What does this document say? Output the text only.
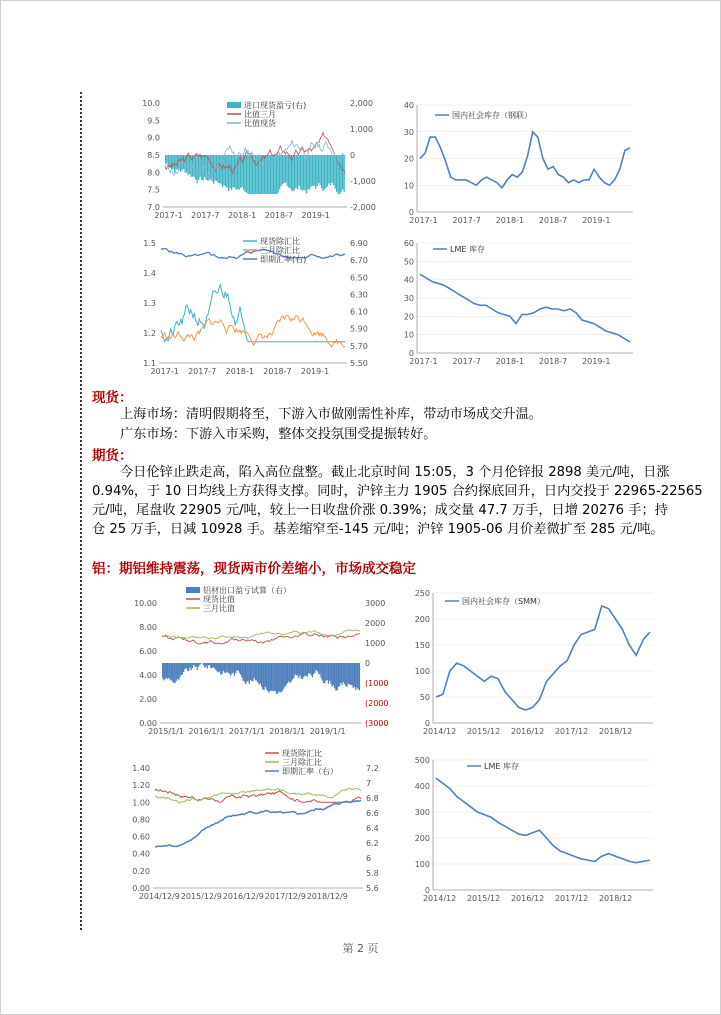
10.0
9.5
9.0
8.5
8.0
7.5
7.0
2,000
1,000
0
-1,000
-2,000
2017-1 2017-7 2018-1 2018-7 2019-1
进口现货盈亏(右)
比值三月
比值现货
40
30
20
10
0
2017-1 2017-7 2018-1 2018-7 2019-1
国内社会库存（钢联）
1.5
1.4
1.3
1.2
1.1
6.90
6.70
6.50
6.30
6.10
5.90
5.70
5.50
2017-1 2017-7 2018-1 2018-7 2019-1
现货除汇比
三月除汇比
即期汇率(右)
60
50
40
30
20
10
0
2017-1 2017-7 2018-1 2018-7 2019-1
LME 库存
现货：
上海市场：清明假期将至，下游入市做刚需性补库，带动市场成交升温。
广东市场：下游入市采购，整体交投氛围受提振转好。
期货：
今日伦锌止跌走高，陷入高位盘整。截止北京时间 15:05，3 个月伦锌报 2898 美元/吨，日涨
0.94%，于 10 日均线上方获得支撑。同时，沪锌主力 1905 合约探底回升，日内交投于 22965-22565
元/吨，尾盘收 22905 元/吨，较上一日收盘价涨 0.39%；成交量 47.7 万手，日增 20276 手；持
仓 25 万手，日减 10928 手。基差缩窄至-145 元/吨；沪锌 1905-06 月价差微扩至 285 元/吨。
铝：期铝维持震荡，现货两市价差缩小，市场成交稳定
10.00
8.00
6.00
4.00
2.00
0.00
3000
2000
1000
0
(1000
(2000
(3000
2015/1/1 2016/1/1 2017/1/1 2018/1/1 2019/1/1
铝材出口盈亏试算（右）
现货比值
三月比值
250
200
150
100
50
0
2014/12 2015/12 2016/12 2017/12 2018/12
国内社会库存（SMM）
1.40
1.20
1.00
0.80
0.60
0.40
0.20
0.00
7.2
7
6.8
6.6
6.4
6.2
6
5.8
5.6
2014/12/9 2015/12/9 2016/12/9 2017/12/9 2018/12/9
现货除汇比
三月除汇比
即期汇率（右）
500
400
300
200
100
0
2014/12 2015/12 2016/12 2017/12 2018/12
LME 库存
第 2 页
